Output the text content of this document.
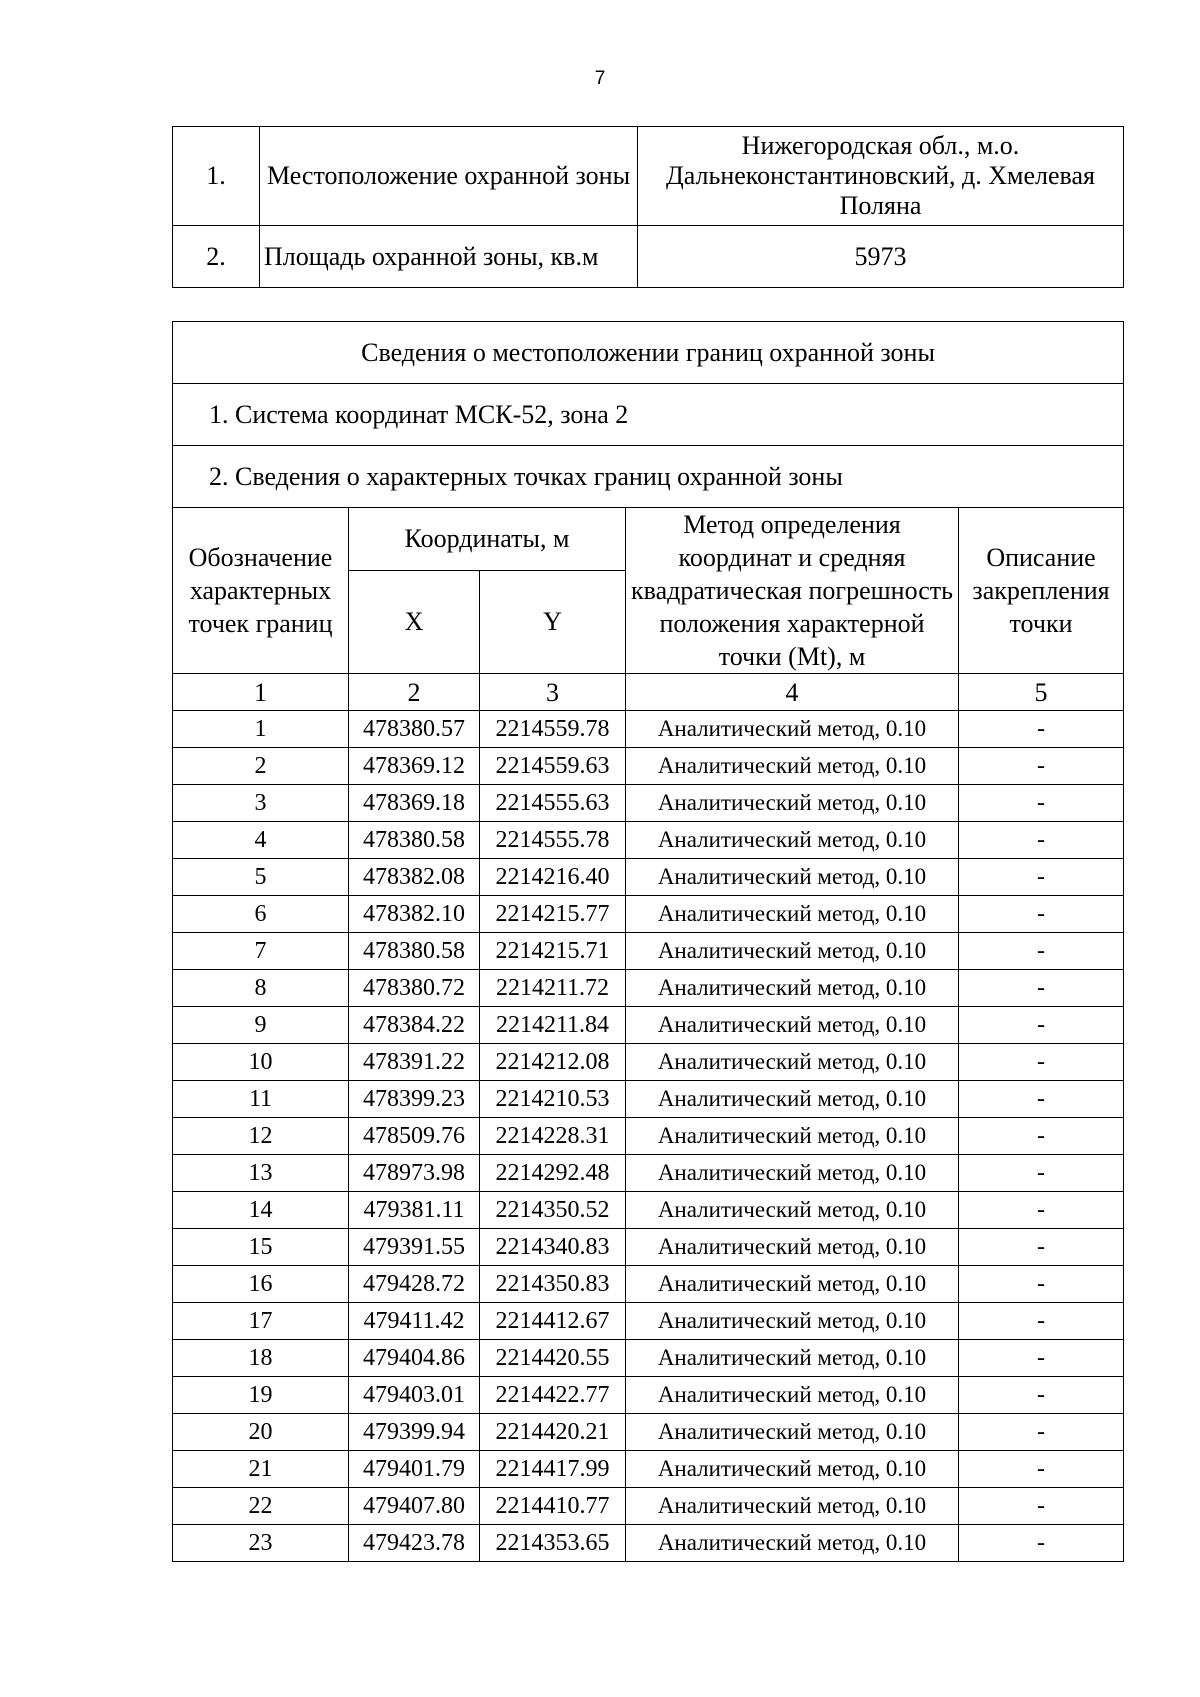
7
1.	Местоположение охранной зоны	Нижегородская обл., м.о. Дальнеконстантиновский, д. Хмелевая Поляна
2.	Площадь охранной зоны, кв.м	5973
Сведения о местоположении границ охранной зоны				
1. Система координат МСК-52, зона 2				
2. Сведения о характерных точках границ охранной зоны				
Обозначение характерных точек границ	Координаты, м		Метод определения координат и средняя квадратическая погрешность положения характерной точки (Mt), м	Описание закрепления точки
	X	Y		
1	2	3	4	5
1	478380.57	2214559.78	Аналитический метод, 0.10	-
2	478369.12	2214559.63	Аналитический метод, 0.10	-
3	478369.18	2214555.63	Аналитический метод, 0.10	-
4	478380.58	2214555.78	Аналитический метод, 0.10	-
5	478382.08	2214216.40	Аналитический метод, 0.10	-
6	478382.10	2214215.77	Аналитический метод, 0.10	-
7	478380.58	2214215.71	Аналитический метод, 0.10	-
8	478380.72	2214211.72	Аналитический метод, 0.10	-
9	478384.22	2214211.84	Аналитический метод, 0.10	-
10	478391.22	2214212.08	Аналитический метод, 0.10	-
11	478399.23	2214210.53	Аналитический метод, 0.10	-
12	478509.76	2214228.31	Аналитический метод, 0.10	-
13	478973.98	2214292.48	Аналитический метод, 0.10	-
14	479381.11	2214350.52	Аналитический метод, 0.10	-
15	479391.55	2214340.83	Аналитический метод, 0.10	-
16	479428.72	2214350.83	Аналитический метод, 0.10	-
17	479411.42	2214412.67	Аналитический метод, 0.10	-
18	479404.86	2214420.55	Аналитический метод, 0.10	-
19	479403.01	2214422.77	Аналитический метод, 0.10	-
20	479399.94	2214420.21	Аналитический метод, 0.10	-
21	479401.79	2214417.99	Аналитический метод, 0.10	-
22	479407.80	2214410.77	Аналитический метод, 0.10	-
23	479423.78	2214353.65	Аналитический метод, 0.10	-
